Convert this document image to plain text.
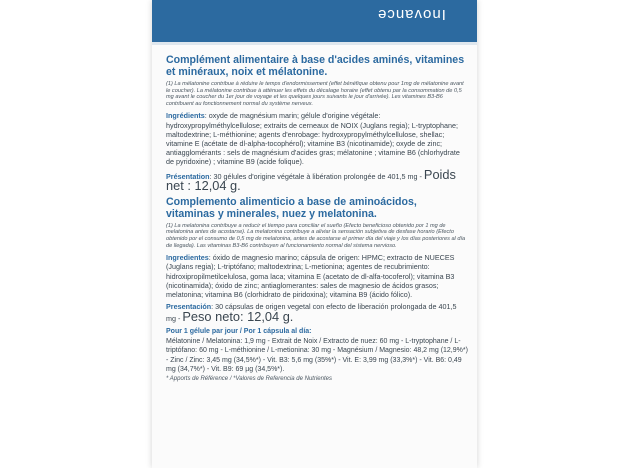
Inovance
Complément alimentaire à base d'acides aminés, vitamines et minéraux, noix et mélatonine.
(1) La mélatonine contribue à réduire le temps d'endormissement (effet bénéfique obtenu pour 1mg de mélatonine avant le coucher). La mélatonine contribue à atténuer les effets du décalage horaire (effet obtenu par la consommation de 0,5 mg avant le coucher du 1er jour de voyage et les quelques jours suivants le jour d'arrivée). Les vitamines B3-B6 contribuent au fonctionnement normal du système nerveux.
Ingrédients: oxyde de magnésium marin; gélule d'origine végétale: hydroxypropylméthylcellulose; extraits de cerneaux de NOIX (Juglans regia); L-tryptophane; maltodextrine; L-méthionine; agents d'enrobage: hydroxypropylméthylcellulose, shellac; vitamine E (acétate de dl-alpha-tocophérol); vitamine B3 (nicotinamide); oxyde de zinc; antiagglomérants : sels de magnésium d'acides gras; mélatonine ; vitamine B6 (chlorhydrate de pyridoxine) ; vitamine B9 (acide folique).
Présentation: 30 gélules d'origine végétale à libération prolongée de 401,5 mg - Poids net : 12,04 g.
Complemento alimenticio a base de aminoácidos, vitaminas y minerales, nuez y melatonina.
(1) La melatonina contribuye a reducir el tiempo para conciliar el sueño (Efecto beneficioso obtenido por 1 mg de melatonina antes de acostarse). La melatonina contribuye a aliviar la sensación subjetiva de desfase horario (Efecto obtenido por el consumo de 0,5 mg de melatonina, antes de acostarse el primer día del viaje y los días posteriores al día de llegada). Las vitaminas B3-B6 contribuyen al funcionamiento normal del sistema nervioso.
Ingredientes: óxido de magnesio marino; cápsula de origen: HPMC; extracto de NUECES (Juglans regia); L-triptófano; maltodextrina; L-metionina; agentes de recubrimiento: hidroxipropilmetilcelulosa, goma laca; vitamina E (acetato de dl-alfa-tocoferol); vitamina B3 (nicotinamida); óxido de zinc; antiaglomerantes: sales de magnesio de ácidos grasos; melatonina; vitamina B6 (clorhidrato de piridoxina); vitamina B9 (ácido fólico).
Presentación: 30 cápsulas de origen vegetal con efecto de liberación prolongada de 401,5 mg - Peso neto: 12,04 g.
Pour 1 gélule par jour / Por 1 cápsula al día:
Mélatonine / Melatonina: 1,9 mg - Extrait de Noix / Extracto de nuez: 60 mg - L-tryptophane / L-triptófano: 60 mg - L-méthionine / L-metionina: 30 mg - Magnésium / Magnesio: 48,2 mg (12,9%*) - Zinc / Zinc: 3,45 mg (34,5%*) - Vit. B3: 5,6 mg (35%*) - Vit. E: 3,99 mg (33,3%*) - Vit. B6: 0,49 mg (34,7%*) - Vit. B9: 69 µg (34,5%*).
* Apports de Référence / *Valores de Referencia de Nutrientes
